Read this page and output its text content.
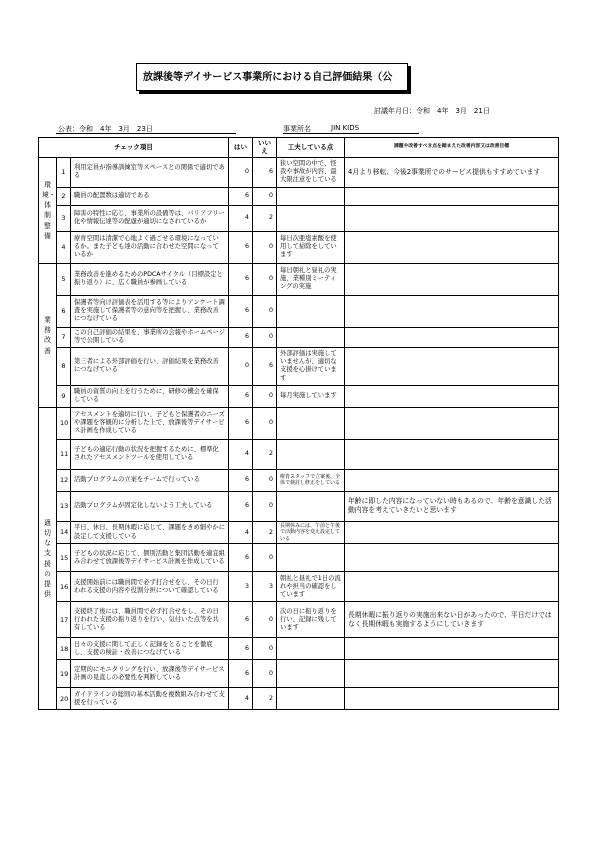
放課後等デイサービス事業所における自己評価結果（公
討議年月日：令和　4年　3月　21日
公表：令和　4年　3月　23日	事業所名	JIN KIDS
チェック項目			はい	いいえ	工夫している点	課題や改善すべき点を踏まえた改善内容又は改善目標
環境・体制整備	1	利用定員が指導訓練室等スペースとの関係で適切である	0	6	狭い空間の中で、怪我や事故が内容、最大限注意をしている	4月より移転、今後2事業所でのサービス提供もすすめています
	2	職員の配置数は適切である	6	0		
	3	障害の特性に応じ、事業所の設備等は、バリアフリー化や情報伝達等の配慮が適切になされているか	4	2		
	4	療育空間は清潔で心地よく過ごせる環境になっているか。また子ども達の活動に合わせた空間になっているか	6	0	毎日次亜塩素酸を使用して掃除をしています	
業務改善	5	業務改善を進めるためのPDCAサイクル（目標設定と振り返り）に、広く職員が参画している	6	0	毎日朝礼と昼礼の実施、業種別ミーティングの実施	
	6	保護者等向け評価表を活用する等によりアンケート調査を実施して保護者等の意向等を把握し、業務改善につなげている	6	0		
	7	この自己評価の結果を、事業所の会報やホームページ等で公開している	6	0		
	8	第三者による外部評価を行い、評価結果を業務改善につなげている	0	6	外部評価は実施していませんが、適切な支援を心掛けています	
	9	職員の資質の向上を行うために、研修の機会を確保している	6	0	毎月実施しています	
適切な支援の提供	10	アセスメントを適切に行い、子どもと保護者のニーズや課題を客観的に分析した上で、放課後等デイサービス計画を作成している	6	0		
	11	子どもの適応行動の状況を把握するために、標準化されたアセスメントツールを使用している	4	2		
	12	活動プログラムの立案をチームで行っている	6	0	療育スタッフで立案後、全体で検討し修正をしている	
	13	活動プログラムが固定化しないよう工夫している	6	0		年齢に即した内容になっていない時もあるので、年齢を意識した活動内容を考えていきたいと思います
	14	平日、休日、長期休暇に応じて、課題をきめ細やかに設定して支援している	4	2	長期休みには、午前と午後で活動内容を変え設定している	
	15	子どもの状況に応じて、個別活動と集団活動を適宜組み合わせて放課後等デイサービス計画を作成している	6	0		
	16	支援開始前には職員間で必ず打合せをし、その日行われる支援の内容や役割分担について確認している	3	3	朝礼と昼礼で1日の流れや担当の確認をしています	
	17	支援終了後には、職員間で必ず打合せをし、その日行われた支援の振り返りを行い、気付いた点等を共有している	6	0	次の日に振り返りを行い、記録に残しています	長期休暇に振り返りの実施出来ない日があったので、平日だけではなく長期休暇も実施するようにしていきます
	18	日々の支援に関して正しく記録をとることを徹底し、支援の検証・改善につなげている	6	0		
	19	定期的にモニタリングを行い、放課後等デイサービス計画の見直しの必要性を判断している	6	0		
	20	ガイドラインの総則の基本活動を複数組み合わせて支援を行っている	4	2		
